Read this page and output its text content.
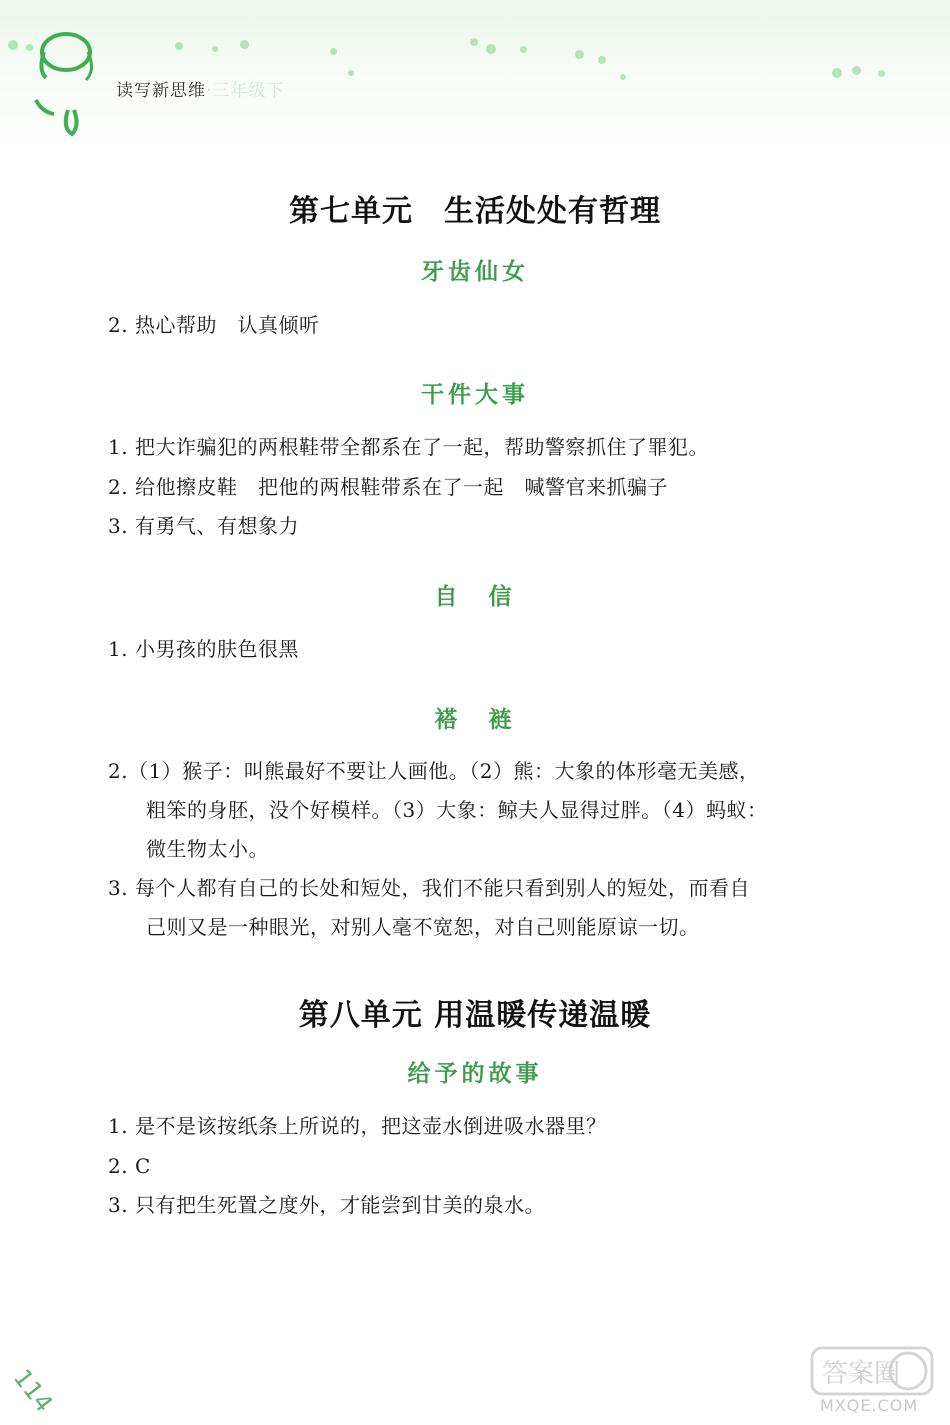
读写新思维·三年级下
第七单元　生活处处有哲理
牙齿仙女
2. 热心帮助　认真倾听
干件大事
1. 把大诈骗犯的两根鞋带全都系在了一起，帮助警察抓住了罪犯。
2. 给他擦皮鞋　把他的两根鞋带系在了一起　喊警官来抓骗子
3. 有勇气、有想象力
自　信
1. 小男孩的肤色很黑
褡　裢
2.（1）猴子：叫熊最好不要让人画他。（2）熊：大象的体形毫无美感，
粗笨的身胚，没个好模样。（3）大象：鲸夫人显得过胖。（4）蚂蚁：
微生物太小。
3. 每个人都有自己的长处和短处，我们不能只看到别人的短处，而看自
己则又是一种眼光，对别人毫不宽恕，对自己则能原谅一切。
第八单元 用温暖传递温暖
给予的故事
1. 是不是该按纸条上所说的，把这壶水倒进吸水器里？
2. C
3. 只有把生死置之度外，才能尝到甘美的泉水。
114	答案圈
MXQE.COM
